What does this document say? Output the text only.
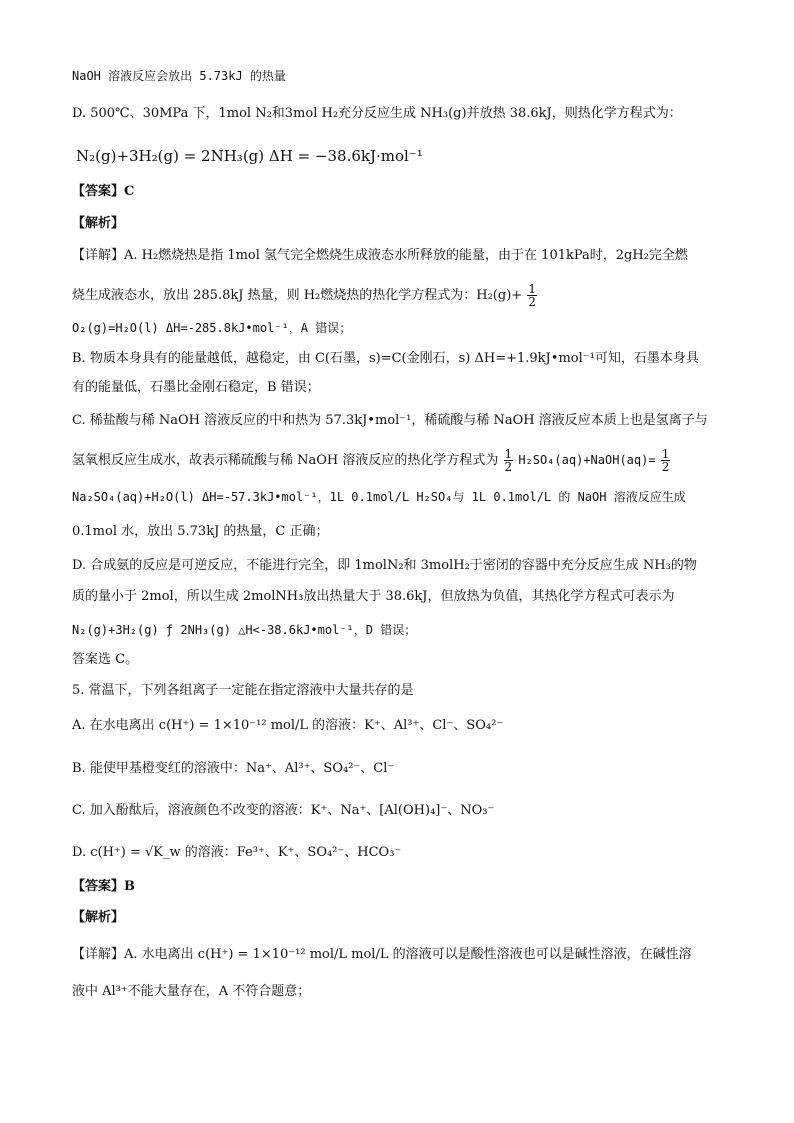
NaOH 溶液反应会放出 5.73kJ 的热量
D. 500℃、30MPa 下，1mol N₂和3mol H₂充分反应生成 NH₃(g)并放热 38.6kJ，则热化学方程式为：
N₂(g)+3H₂(g) = 2NH₃(g) ΔH = −38.6kJ·mol⁻¹
【答案】C
【解析】
【详解】A. H₂燃烧热是指 1mol 氢气完全燃烧生成液态水所释放的能量，由于在 101kPa时，2gH₂完全燃
烧生成液态水，放出 285.8kJ 热量，则 H₂燃烧热的热化学方程式为：$H_2(g)+ \frac{1}{2}$
O₂(g)=H₂O(l) ΔH=-285.8kJ•mol⁻¹，A 错误；
B. 物质本身具有的能量越低，越稳定，由 C(石墨，s)=C(金刚石，s) ΔH=+1.9kJ•mol⁻¹可知，石墨本身具
有的能量低，石墨比金刚石稳定，B 错误；
C. 稀盐酸与稀 NaOH 溶液反应的中和热为 57.3kJ•mol⁻¹，稀硫酸与稀 NaOH 溶液反应本质上也是氢离子与
氢氧根反应生成水，故表示稀硫酸与稀 NaOH 溶液反应的热化学方程式为 $\frac{1}{2}$ H₂SO₄(aq)+NaOH(aq)= $\frac{1}{2}$
Na₂SO₄(aq)+H₂O(l) ΔH=-57.3kJ•mol⁻¹，1L 0.1mol/L H₂SO₄与 1L 0.1mol/L 的 NaOH 溶液反应生成
0.1mol 水，放出 5.73kJ 的热量，C 正确；
D. 合成氨的反应是可逆反应，不能进行完全，即 1molN₂和 3molH₂于密闭的容器中充分反应生成 NH₃的物
质的量小于 2mol，所以生成 2molNH₃放出热量大于 38.6kJ，但放热为负值，其热化学方程式可表示为
N₂(g)+3H₂(g) ƒ 2NH₃(g) △H<-38.6kJ•mol⁻¹，D 错误；
答案选 C。
5. 常温下，下列各组离子一定能在指定溶液中大量共存的是
A. 在水电离出 c(H⁺) = 1×10⁻¹² mol/L 的溶液：K⁺、Al³⁺、Cl⁻、SO₄²⁻
B. 能使甲基橙变红的溶液中：Na⁺、Al³⁺、SO₄²⁻、Cl⁻
C. 加入酚酞后，溶液颜色不改变的溶液：K⁺、Na⁺、[Al(OH)₄]⁻、NO₃⁻
D. c(H⁺) = √K_w 的溶液：Fe³⁺、K⁺、SO₄²⁻、HCO₃⁻
【答案】B
【解析】
【详解】A. 水电离出 c(H⁺) = 1×10⁻¹² mol/L mol/L 的溶液可以是酸性溶液也可以是碱性溶液，在碱性溶
液中 Al³⁺不能大量存在，A 不符合题意；
